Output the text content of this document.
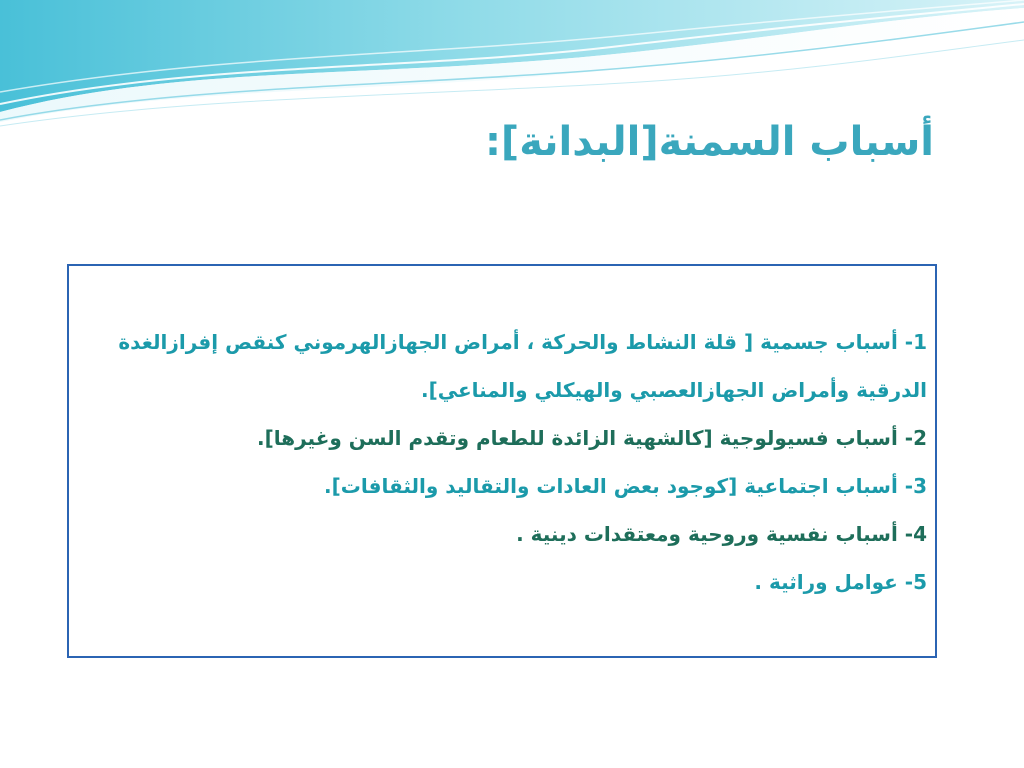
أسباب السمنة[البدانة]:

1- أسباب جسمية [ قلة النشاط والحركة ، أمراض الجهازالهرموني كنقص إفرازالغدة الدرقية وأمراض الجهازالعصبي والهيكلي والمناعي].

2- أسباب فسيولوجية [كالشهية الزائدة للطعام وتقدم السن وغيرها].

3- أسباب اجتماعية [كوجود بعض العادات والتقاليد والثقافات].

4- أسباب نفسية وروحية ومعتقدات دينية .

5- عوامل وراثية .
